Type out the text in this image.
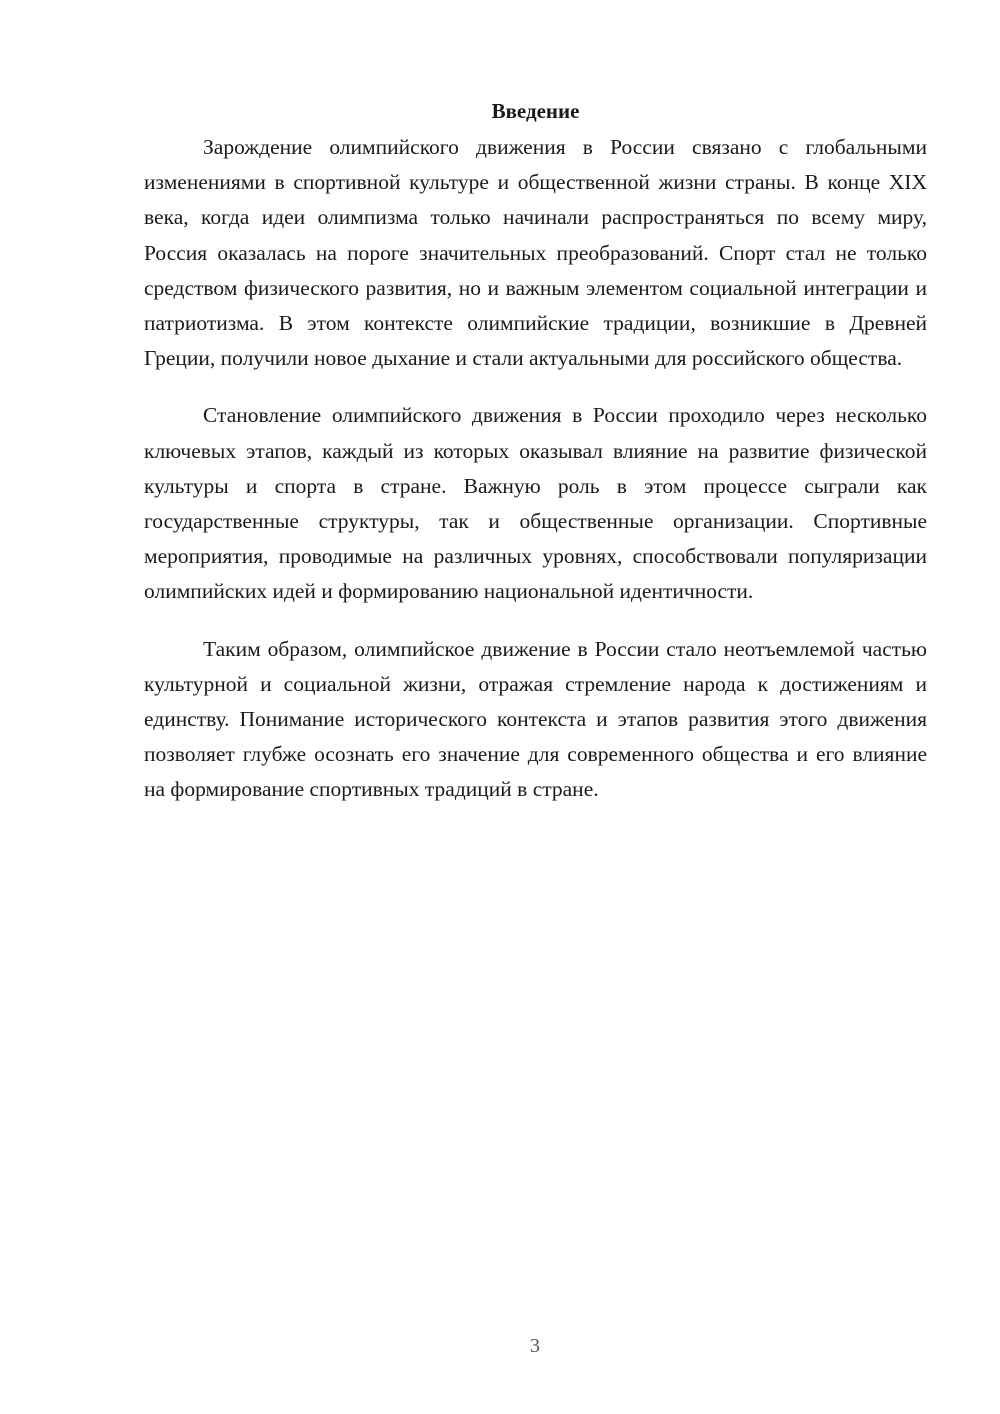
Введение

Зарождение олимпийского движения в России связано с глобальными изменениями в спортивной культуре и общественной жизни страны. В конце XIX века, когда идеи олимпизма только начинали распространяться по всему миру, Россия оказалась на пороге значительных преобразований. Спорт стал не только средством физического развития, но и важным элементом социальной интеграции и патриотизма. В этом контексте олимпийские традиции, возникшие в Древней Греции, получили новое дыхание и стали актуальными для российского общества.

Становление олимпийского движения в России проходило через несколько ключевых этапов, каждый из которых оказывал влияние на развитие физической культуры и спорта в стране. Важную роль в этом процессе сыграли как государственные структуры, так и общественные организации. Спортивные мероприятия, проводимые на различных уровнях, способствовали популяризации олимпийских идей и формированию национальной идентичности.

Таким образом, олимпийское движение в России стало неотъемлемой частью культурной и социальной жизни, отражая стремление народа к достижениям и единству. Понимание исторического контекста и этапов развития этого движения позволяет глубже осознать его значение для современного общества и его влияние на формирование спортивных традиций в стране.

3
